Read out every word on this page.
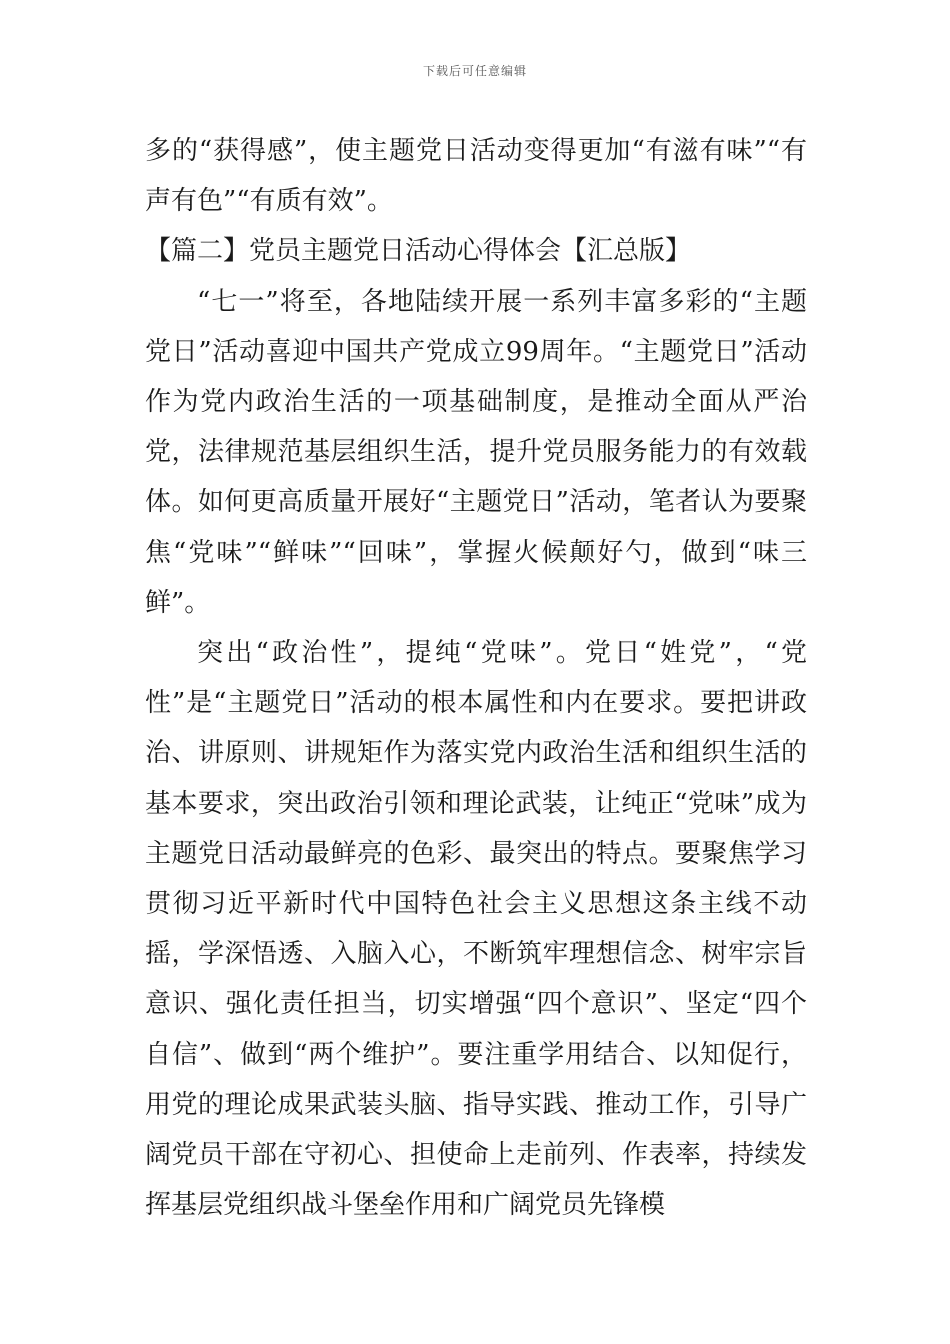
下载后可任意编辑

多的“获得感”，使主题党日活动变得更加“有滋有味”“有声有色”“有质有效”。

【篇二】党员主题党日活动心得体会【汇总版】

“七一”将至，各地陆续开展一系列丰富多彩的“主题党日”活动喜迎中国共产党成立99周年。“主题党日”活动作为党内政治生活的一项基础制度，是推动全面从严治党，法律规范基层组织生活，提升党员服务能力的有效载体。如何更高质量开展好“主题党日”活动，笔者认为要聚焦“党味”“鲜味”“回味”，掌握火候颠好勺，做到“味三鲜”。

突出“政治性”，提纯“党味”。党日“姓党”，“党性”是“主题党日”活动的根本属性和内在要求。要把讲政治、讲原则、讲规矩作为落实党内政治生活和组织生活的基本要求，突出政治引领和理论武装，让纯正“党味”成为主题党日活动最鲜亮的色彩、最突出的特点。要聚焦学习贯彻习近平新时代中国特色社会主义思想这条主线不动摇，学深悟透、入脑入心，不断筑牢理想信念、树牢宗旨意识、强化责任担当，切实增强“四个意识”、坚定“四个自信”、做到“两个维护”。要注重学用结合、以知促行，用党的理论成果武装头脑、指导实践、推动工作，引导广阔党员干部在守初心、担使命上走前列、作表率，持续发挥基层党组织战斗堡垒作用和广阔党员先锋模
